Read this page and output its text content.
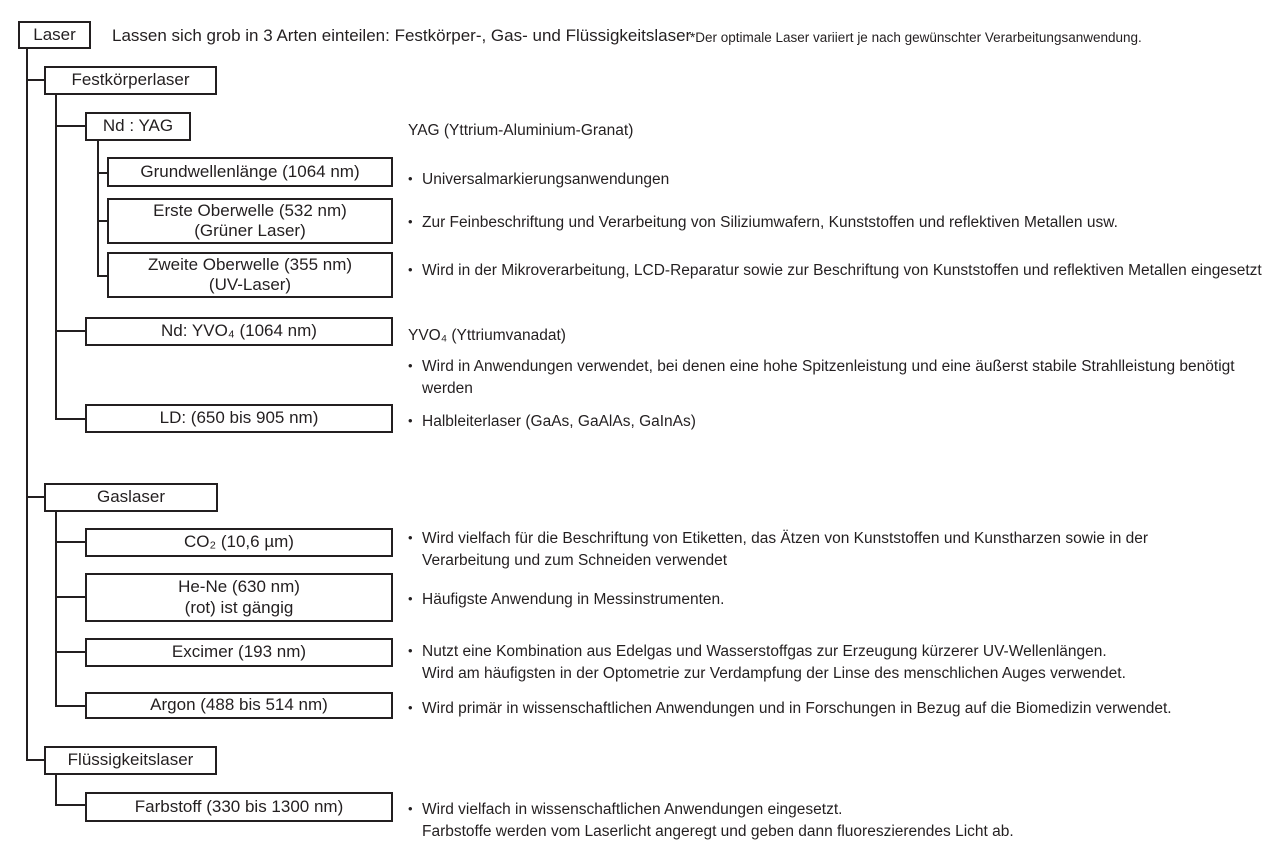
Laser Lassen sich grob in 3 Arten einteilen: Festkörper-, Gas- und Flüssigkeitslaser
*Der optimale Laser variiert je nach gewünschter Verarbeitungsanwendung.
Festkörperlaser
Nd : YAG	YAG (Yttrium-Aluminium-Granat)
Grundwellenlänge (1064 nm)	• Universalmarkierungsanwendungen
Erste Oberwelle (532 nm)
(Grüner Laser)	• Zur Feinbeschriftung und Verarbeitung von Siliziumwafern, Kunststoffen und reflektiven Metallen usw.
Zweite Oberwelle (355 nm)
(UV-Laser)
• Wird in der Mikroverarbeitung, LCD-Reparatur sowie zur Beschriftung von Kunststoffen und reflektiven Metallen eingesetzt
Nd: YVO₄ (1064 nm)	YVO₄ (Yttriumvanadat)
• Wird in Anwendungen verwendet, bei denen eine hohe Spitzenleistung und eine äußerst stabile Strahlleistung benötigt werden
LD: (650 bis 905 nm)	• Halbleiterlaser (GaAs, GaAlAs, GaInAs)
Gaslaser
CO₂ (10,6 µm)	• Wird vielfach für die Beschriftung von Etiketten, das Ätzen von Kunststoffen und Kunstharzen sowie in der Verarbeitung und zum Schneiden verwendet
He-Ne (630 nm)
(rot) ist gängig	• Häufigste Anwendung in Messinstrumenten.
Excimer (193 nm)	• Nutzt eine Kombination aus Edelgas und Wasserstoffgas zur Erzeugung kürzerer UV-Wellenlängen.
Wird am häufigsten in der Optometrie zur Verdampfung der Linse des menschlichen Auges verwendet.
Argon (488 bis 514 nm)	• Wird primär in wissenschaftlichen Anwendungen und in Forschungen in Bezug auf die Biomedizin verwendet.
Flüssigkeitslaser
Farbstoff (330 bis 1300 nm)	• Wird vielfach in wissenschaftlichen Anwendungen eingesetzt.
Farbstoffe werden vom Laserlicht angeregt und geben dann fluoreszierendes Licht ab.
